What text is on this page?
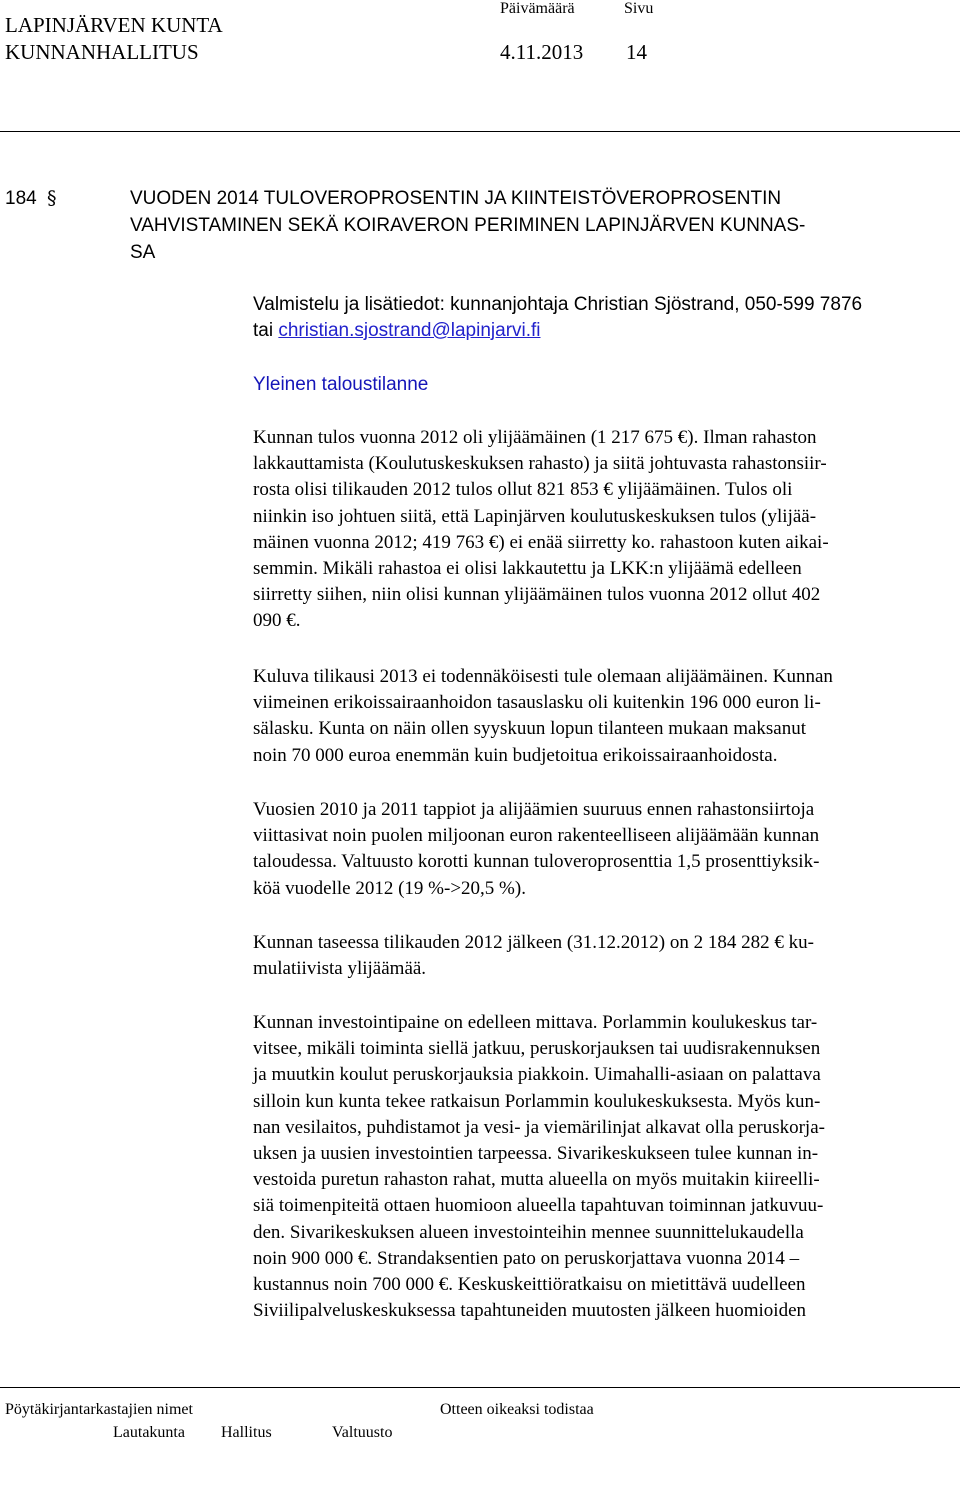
LAPINJÄRVEN KUNTA
Päivämäärä	Sivu
KUNNANHALLITUS	4.11.2013 14
184 §	VUODEN 2014 TULOVEROPROSENTIN JA KIINTEISTÖVEROPROSENTIN
VAHVISTAMINEN SEKÄ KOIRAVERON PERIMINEN LAPINJÄRVEN KUNNAS-
SA
Valmistelu ja lisätiedot: kunnanjohtaja Christian Sjöstrand, 050-599 7876
tai christian.sjostrand@lapinjarvi.fi
Yleinen taloustilanne

Kunnan tulos vuonna 2012 oli ylijäämäinen (1 217 675 €). Ilman rahaston

lakkauttamista (Koulutuskeskuksen rahasto) ja siitä johtuvasta rahastonsiir-

rosta olisi tilikauden 2012 tulos ollut 821 853 € ylijäämäinen. Tulos oli

niinkin iso johtuen siitä, että Lapinjärven koulutuskeskuksen tulos (ylijää-

mäinen vuonna 2012; 419 763 €) ei enää siirretty ko. rahastoon kuten aikai-

semmin. Mikäli rahastoa ei olisi lakkautettu ja LKK:n ylijäämä edelleen

siirretty siihen, niin olisi kunnan ylijäämäinen tulos vuonna 2012 ollut 402

090 €.

Kuluva tilikausi 2013 ei todennäköisesti tule olemaan alijäämäinen. Kunnan

viimeinen erikoissairaanhoidon tasauslasku oli kuitenkin 196 000 euron li-

sälasku. Kunta on näin ollen syyskuun lopun tilanteen mukaan maksanut

noin 70 000 euroa enemmän kuin budjetoitua erikoissairaanhoidosta.

Vuosien 2010 ja 2011 tappiot ja alijäämien suuruus ennen rahastonsiirtoja

viittasivat noin puolen miljoonan euron rakenteelliseen alijäämään kunnan

taloudessa. Valtuusto korotti kunnan tuloveroprosenttia 1,5 prosenttiyksik-

köä vuodelle 2012 (19 %->20,5 %).

Kunnan taseessa tilikauden 2012 jälkeen (31.12.2012) on 2 184 282 € ku-

mulatiivista ylijäämää.

Kunnan investointipaine on edelleen mittava. Porlammin koulukeskus tar-

vitsee, mikäli toiminta siellä jatkuu, peruskorjauksen tai uudisrakennuksen

ja muutkin koulut peruskorjauksia piakkoin. Uimahalli-asiaan on palattava

silloin kun kunta tekee ratkaisun Porlammin koulukeskuksesta. Myös kun-

nan vesilaitos, puhdistamot ja vesi- ja viemärilinjat alkavat olla peruskorja-

uksen ja uusien investointien tarpeessa. Sivarikeskukseen tulee kunnan in-

vestoida puretun rahaston rahat, mutta alueella on myös muitakin kiireelli-

siä toimenpiteitä ottaen huomioon alueella tapahtuvan toiminnan jatkuvuu-

den. Sivarikeskuksen alueen investointeihin mennee suunnittelukaudella

noin 900 000 €. Strandaksentien pato on peruskorjattava vuonna 2014 –

kustannus noin 700 000 €. Keskuskeittiöratkaisu on mietittävä uudelleen

Siviilipalveluskeskuksessa tapahtuneiden muutosten jälkeen huomioiden

Pöytäkirjantarkastajien nimet	Otteen oikeaksi todistaa
Lautakunta Hallitus	Valtuusto
